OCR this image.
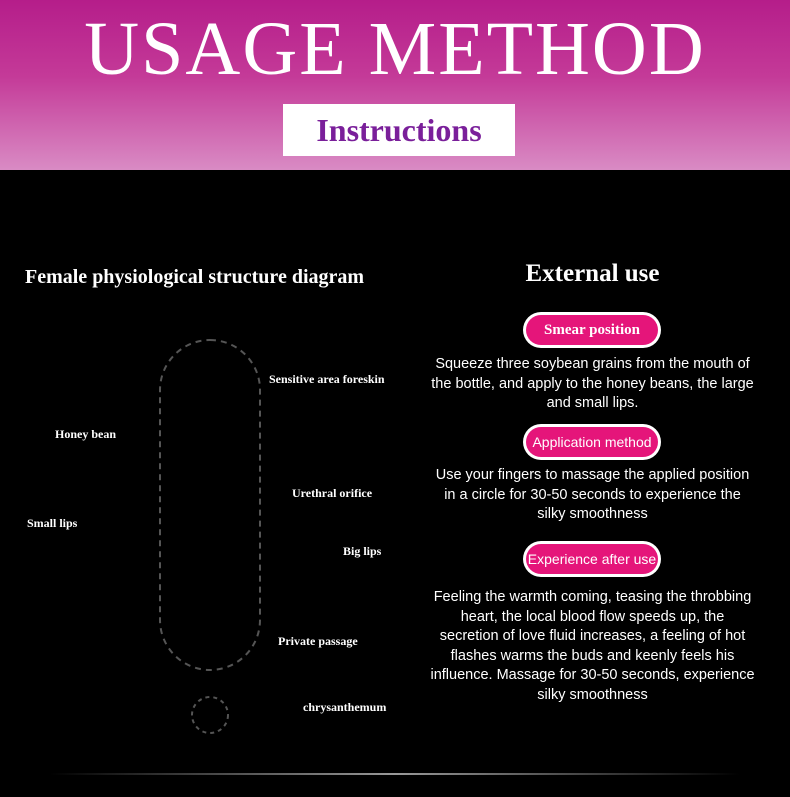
USAGE METHOD
Instructions
Female physiological structure diagram
Sensitive area foreskin
Honey bean
Urethral orifice
Small lips
Big lips
Private passage
chrysanthemum
External use
Smear position
Squeeze three soybean grains from the mouth of the bottle, and apply to the honey beans, the large and small lips.
Application method
Use your fingers to massage the applied position in a circle for 30-50 seconds to experience the silky smoothness
Experience after use
Feeling the warmth coming, teasing the throbbing heart, the local blood flow speeds up, the secretion of love fluid increases, a feeling of hot flashes warms the buds and keenly feels his influence. Massage for 30-50 seconds, experience silky smoothness
